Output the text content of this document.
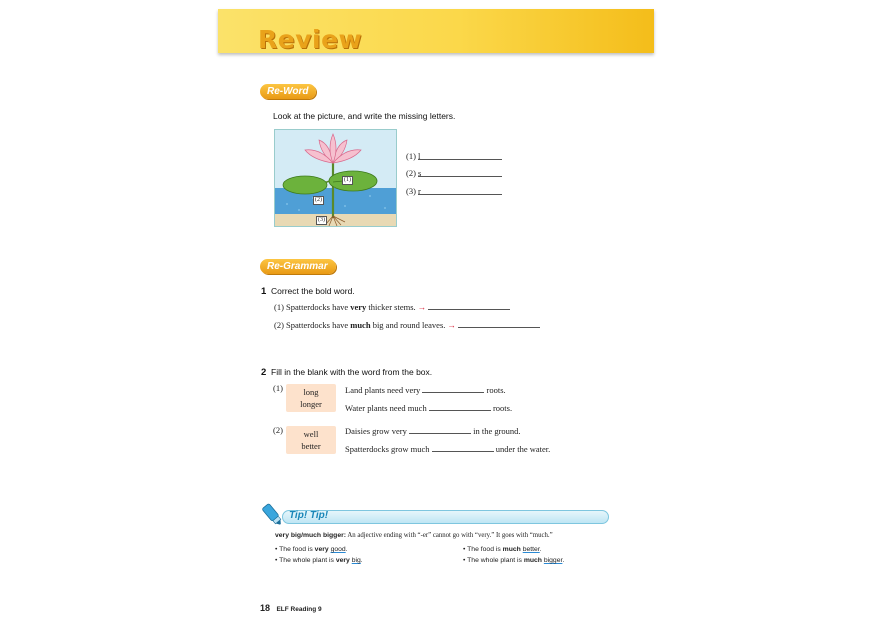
Review
Re-Word
Look at the picture, and write the missing letters.
(1)
(2)
(3)
(1) l
(2) s
(3) r
Re-Grammar
1 Correct the bold word.
(1) Spatterdocks have very thicker stems. →
(2) Spatterdocks have much big and round leaves. →
2 Fill in the blank with the word from the box.
(1)	long
longer
Land plants need very	roots.
Water plants need much	roots.
(2)	well
better
Daisies grow very	in the ground.
Spatterdocks grow much	under the water.
Tip! Tip!
very big/much bigger: An adjective ending with “-er” cannot go with “very.” It goes with “much.”
• The food is very good.
• The whole plant is very big.
• The food is much better.
• The whole plant is much bigger.
18 ELF Reading 9
